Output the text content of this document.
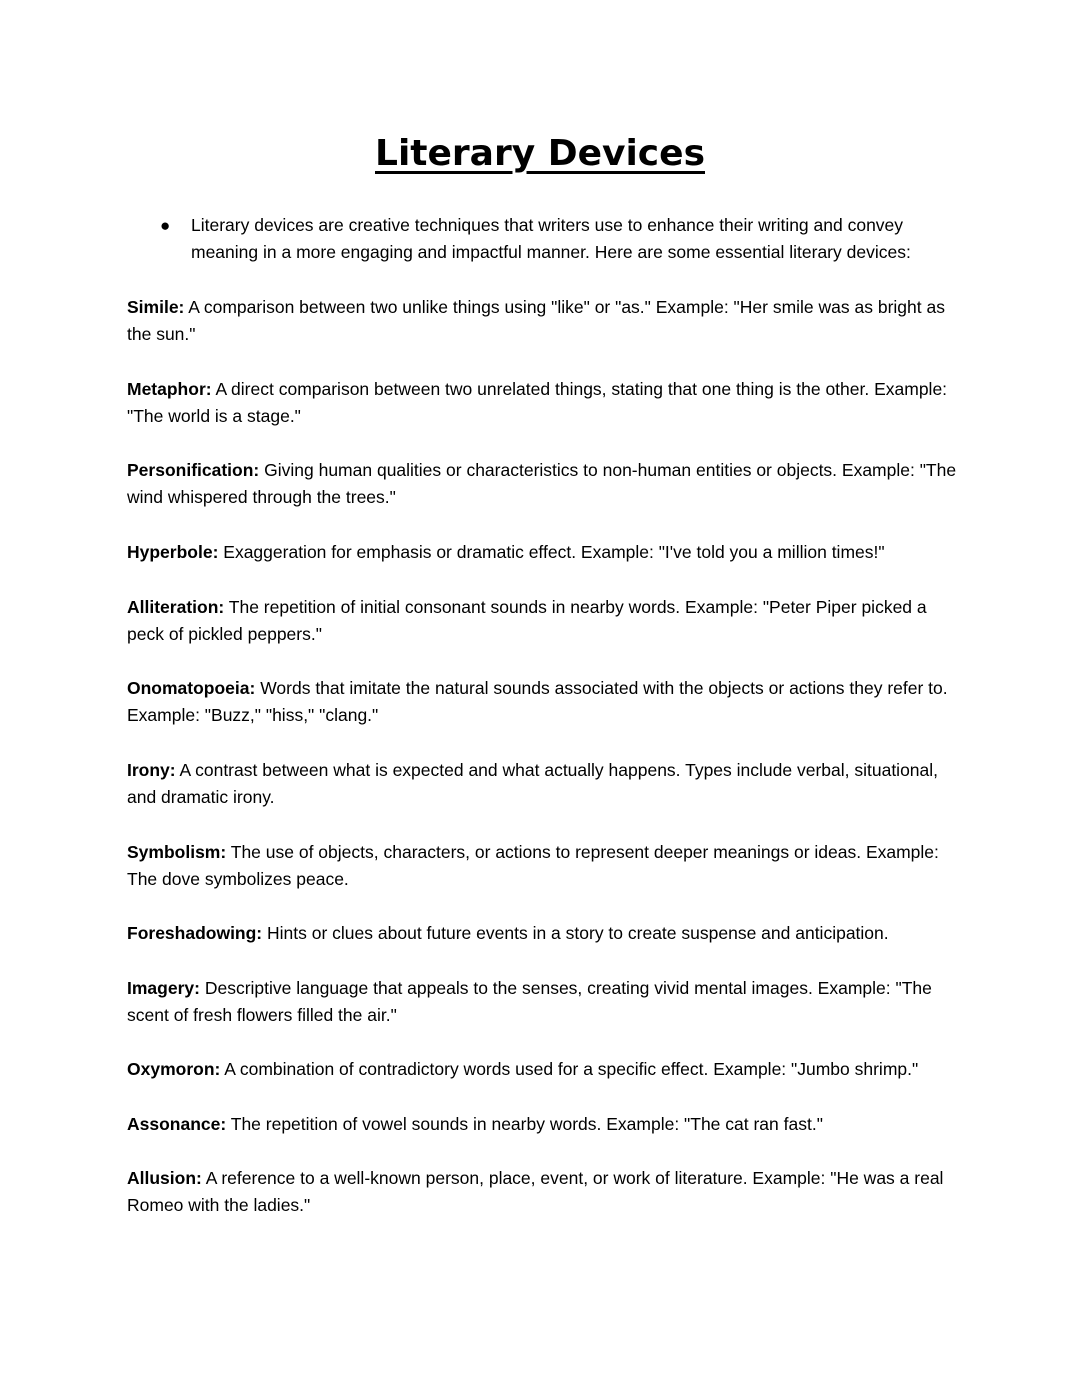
Literary Devices
●	Literary devices are creative techniques that writers use to enhance their writing and convey meaning in a more engaging and impactful manner. Here are some essential literary devices:
Simile: A comparison between two unlike things using "like" or "as." Example: "Her smile was as bright as the sun."
Metaphor: A direct comparison between two unrelated things, stating that one thing is the other. Example: "The world is a stage."
Personification: Giving human qualities or characteristics to non-human entities or objects. Example: "The wind whispered through the trees."
Hyperbole: Exaggeration for emphasis or dramatic effect. Example: "I've told you a million times!"
Alliteration: The repetition of initial consonant sounds in nearby words. Example: "Peter Piper picked a peck of pickled peppers."
Onomatopoeia: Words that imitate the natural sounds associated with the objects or actions they refer to. Example: "Buzz," "hiss," "clang."
Irony: A contrast between what is expected and what actually happens. Types include verbal, situational, and dramatic irony.
Symbolism: The use of objects, characters, or actions to represent deeper meanings or ideas. Example: The dove symbolizes peace.
Foreshadowing: Hints or clues about future events in a story to create suspense and anticipation.
Imagery: Descriptive language that appeals to the senses, creating vivid mental images. Example: "The scent of fresh flowers filled the air."
Oxymoron: A combination of contradictory words used for a specific effect. Example: "Jumbo shrimp."
Assonance: The repetition of vowel sounds in nearby words. Example: "The cat ran fast."
Allusion: A reference to a well-known person, place, event, or work of literature. Example: "He was a real Romeo with the ladies."
